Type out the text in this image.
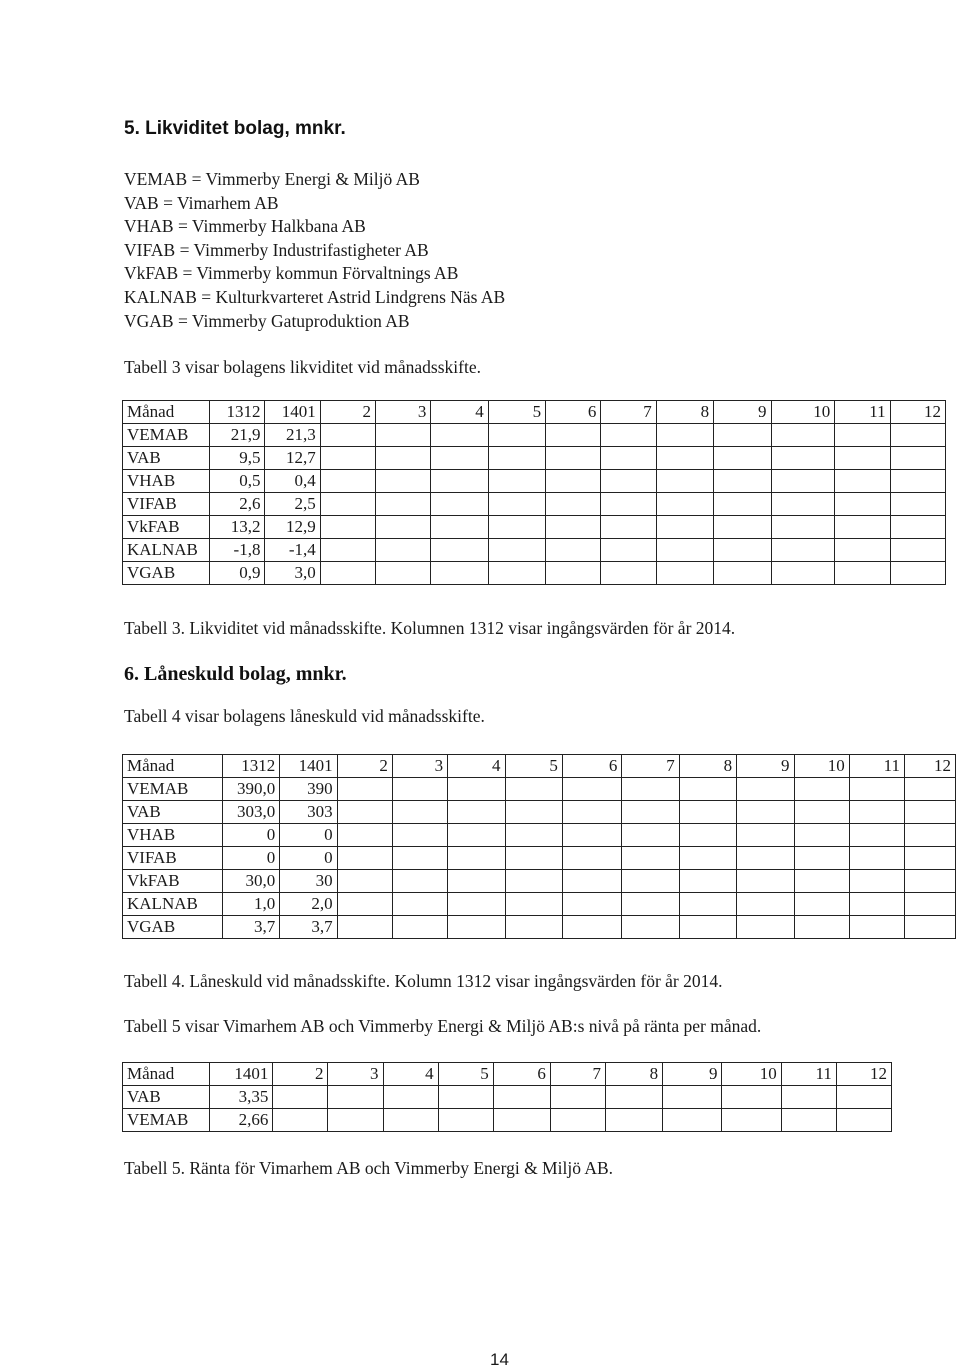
5. Likviditet bolag, mnkr.
VEMAB = Vimmerby Energi & Miljö AB
VAB = Vimarhem AB
VHAB = Vimmerby Halkbana AB
VIFAB = Vimmerby Industrifastigheter AB
VkFAB = Vimmerby kommun Förvaltnings AB
KALNAB = Kulturkvarteret Astrid Lindgrens Näs AB
VGAB = Vimmerby Gatuproduktion AB
Tabell 3 visar bolagens likviditet vid månadsskifte.
Månad	1312	1401	2	3	4	5	6	7	8	9	10	11	12
VEMAB	21,9	21,3											
VAB	9,5	12,7											
VHAB	0,5	0,4											
VIFAB	2,6	2,5											
VkFAB	13,2	12,9											
KALNAB	-1,8	-1,4											
VGAB	0,9	3,0											
Tabell 3. Likviditet vid månadsskifte. Kolumnen 1312 visar ingångsvärden för år 2014.
6. Låneskuld bolag, mnkr.
Tabell 4 visar bolagens låneskuld vid månadsskifte.
Månad	1312	1401	2	3	4	5	6	7	8	9	10	11	12
VEMAB	390,0	390											
VAB	303,0	303											
VHAB	0	0											
VIFAB	0	0											
VkFAB	30,0	30											
KALNAB	1,0	2,0											
VGAB	3,7	3,7											
Tabell 4. Låneskuld vid månadsskifte. Kolumn 1312 visar ingångsvärden för år 2014.
Tabell 5 visar Vimarhem AB och Vimmerby Energi & Miljö AB:s nivå på ränta per månad.
Månad	1401	2	3	4	5	6	7	8	9	10	11	12
VAB	3,35											
VEMAB	2,66											
Tabell 5. Ränta för Vimarhem AB och Vimmerby Energi & Miljö AB.
14
